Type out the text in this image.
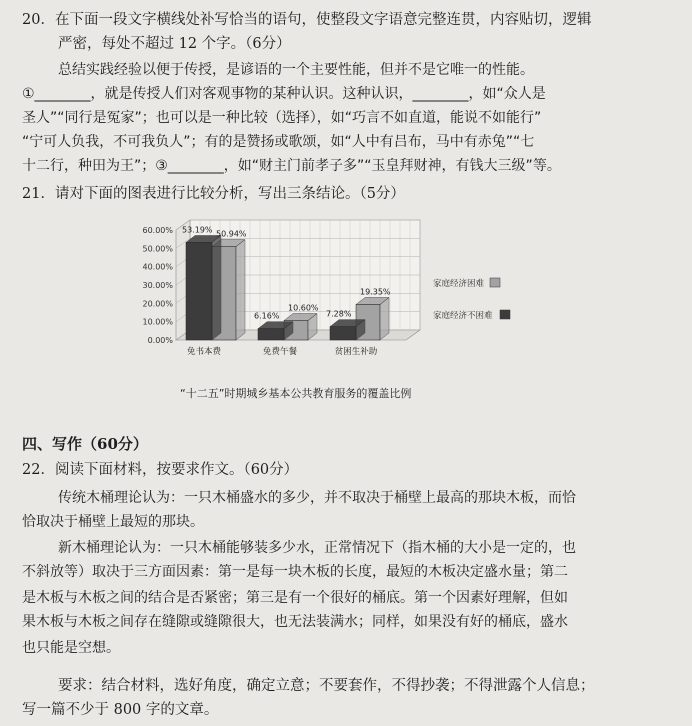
20．在下面一段文字横线处补写恰当的语句，使整段文字语意完整连贯，内容贴切，逻辑
严密，每处不超过 12 个字。（6分）
总结实践经验以便于传授，是谚语的一个主要性能，但并不是它唯一的性能。
①________，就是传授人们对客观事物的某种认识。这种认识，________，如“众人是
圣人”“同行是冤家”；也可以是一种比较（选择），如“巧言不如直道，能说不如能行”
“宁可人负我，不可我负人”；有的是赞扬或歌颂，如“人中有吕布，马中有赤兔”“七
十二行，种田为王”；③________，如“财主门前孝子多”“玉皇拜财神，有钱大三级”等。
21．请对下面的图表进行比较分析，写出三条结论。（5分）
0.00%
10.00%
20.00%
30.00%
40.00%
50.00%
60.00%	50.94%
53.19%
免书本费
10.60%
6.16%
免费午餐
19.35%
7.28%
贫困生补助
家庭经济困难
家庭经济不困难
“十二五”时期城乡基本公共教育服务的覆盖比例
四、写作（60分）
22．阅读下面材料，按要求作文。（60分）
传统木桶理论认为：一只木桶盛水的多少，并不取决于桶壁上最高的那块木板，而恰
恰取决于桶壁上最短的那块。
新木桶理论认为：一只木桶能够装多少水，正常情况下（指木桶的大小是一定的，也
不斜放等）取决于三方面因素：第一是每一块木板的长度，最短的木板决定盛水量；第二
是木板与木板之间的结合是否紧密；第三是有一个很好的桶底。第一个因素好理解，但如
果木板与木板之间存在缝隙或缝隙很大，也无法装满水；同样，如果没有好的桶底，盛水
也只能是空想。
要求：结合材料，选好角度，确定立意；不要套作，不得抄袭；不得泄露个人信息；
写一篇不少于 800 字的文章。
